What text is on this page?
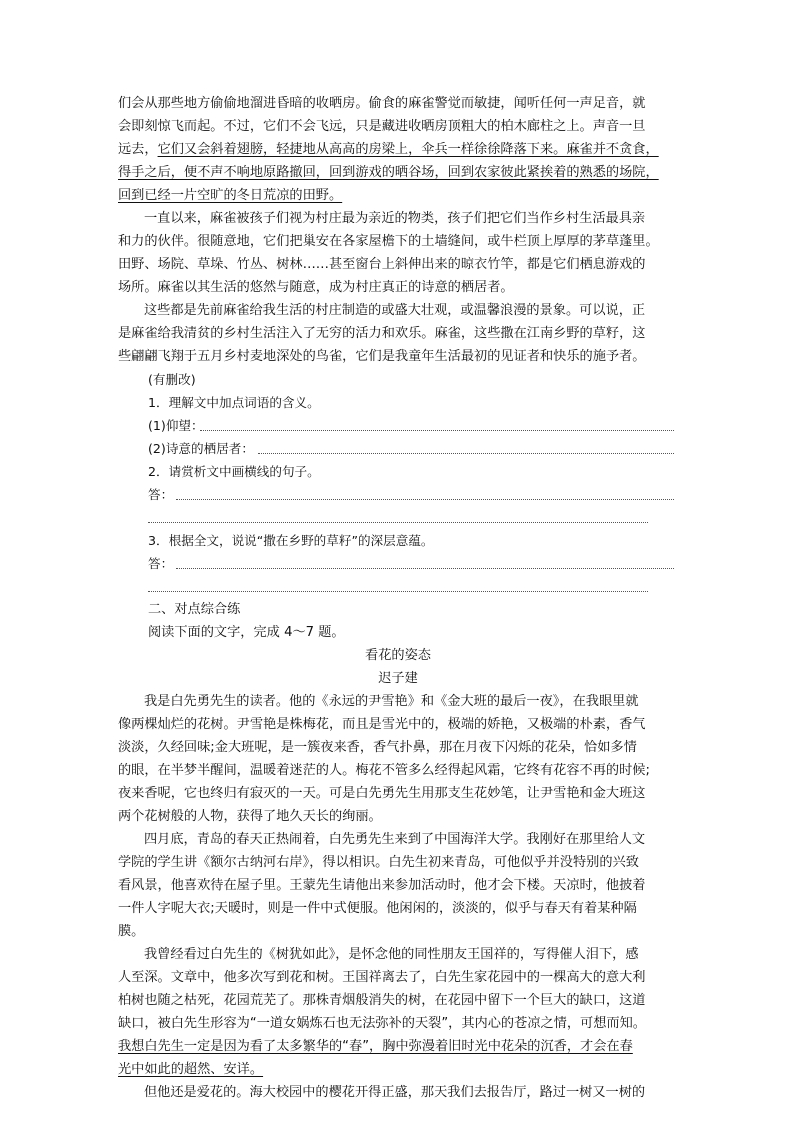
们会从那些地方偷偷地溜进昏暗的收晒房。偷食的麻雀警觉而敏捷，闻听任何一声足音，就
会即刻惊飞而起。不过，它们不会飞远，只是藏进收晒房顶粗大的柏木廊柱之上。声音一旦
远去，它们又会斜着翅膀，轻捷地从高高的房梁上，伞兵一样徐徐降落下来。麻雀并不贪食，
得手之后，便不声不响地原路撤回，回到游戏的晒谷场，回到农家彼此紧挨着的熟悉的场院，
回到已经一片空旷的冬日荒凉的田野。
一直以来，麻雀被孩子们视为村庄最为亲近的物类，孩子们把它们当作乡村生活最具亲
和力的伙伴。很随意地，它们把巢安在各家屋檐下的土墙缝间，或牛栏顶上厚厚的茅草蓬里。
田野、场院、草垛、竹丛、树林……甚至窗台上斜伸出来的晾衣竹竿，都是它们栖息游戏的
场所。麻雀以其生活的悠然与随意，成为村庄真正的诗意的栖居者。
这些都是先前麻雀给我生活的村庄制造的或盛大壮观，或温馨浪漫的景象。可以说，正
是麻雀给我清贫的乡村生活注入了无穷的活力和欢乐。麻雀，这些撒在江南乡野的草籽，这
些翩翩飞翔于五月乡村麦地深处的鸟雀，它们是我童年生活最初的见证者和快乐的施予者。
(有删改)
1．理解文中加点词语的含义。
(1)仰望：
(2)诗意的栖居者：
2．请赏析文中画横线的句子。
答：
3．根据全文，说说“撒在乡野的草籽”的深层意蕴。
答：
二、对点综合练
阅读下面的文字，完成 4～7 题。
看花的姿态
迟子建
我是白先勇先生的读者。他的《永远的尹雪艳》和《金大班的最后一夜》，在我眼里就
像两棵灿烂的花树。尹雪艳是株梅花，而且是雪光中的，极端的娇艳，又极端的朴素，香气
淡淡，久经回味;金大班呢，是一簇夜来香，香气扑鼻，那在月夜下闪烁的花朵，恰如多情
的眼，在半梦半醒间，温暖着迷茫的人。梅花不管多么经得起风霜，它终有花容不再的时候;
夜来香呢，它也终归有寂灭的一天。可是白先勇先生用那支生花妙笔，让尹雪艳和金大班这
两个花树般的人物，获得了地久天长的绚丽。
四月底，青岛的春天正热闹着，白先勇先生来到了中国海洋大学。我刚好在那里给人文
学院的学生讲《额尔古纳河右岸》，得以相识。白先生初来青岛，可他似乎并没特别的兴致
看风景，他喜欢待在屋子里。王蒙先生请他出来参加活动时，他才会下楼。天凉时，他披着
一件人字呢大衣;天暖时，则是一件中式便服。他闲闲的，淡淡的，似乎与春天有着某种隔
膜。
我曾经看过白先生的《树犹如此》，是怀念他的同性朋友王国祥的，写得催人泪下，感
人至深。文章中，他多次写到花和树。王国祥离去了，白先生家花园中的一棵高大的意大利
柏树也随之枯死，花园荒芜了。那株青烟般消失的树，在花园中留下一个巨大的缺口，这道
缺口，被白先生形容为“一道女娲炼石也无法弥补的天裂”，其内心的苍凉之情，可想而知。
我想白先生一定是因为看了太多繁华的“春”，胸中弥漫着旧时光中花朵的沉香，才会在春
光中如此的超然、安详。
但他还是爱花的。海大校园中的樱花开得正盛，那天我们去报告厅，路过一树又一树的
